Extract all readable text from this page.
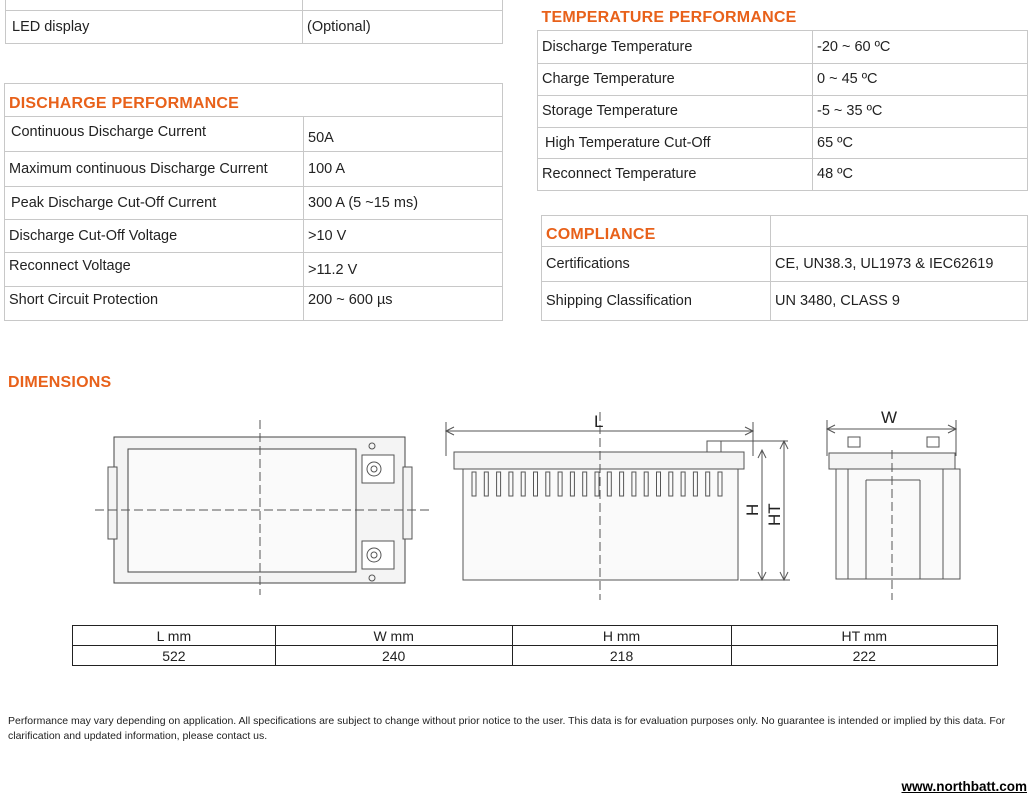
LED display	(Optional)
DISCHARGE PERFORMANCE	
Continuous Discharge Current	50A
Maximum continuous Discharge Current	100 A
Peak Discharge Cut-Off Current	300 A (5 ~15 ms)
Discharge Cut-Off Voltage	>10 V
Reconnect Voltage	>11.2 V
Short Circuit Protection	200 ~ 600 µs
TEMPERATURE PERFORMANCE	
Discharge Temperature	-20 ~ 60 ºC
Charge Temperature	0 ~ 45 ºC
Storage Temperature	-5 ~ 35 ºC
High Temperature Cut-Off	65 ºC
Reconnect Temperature	48 ºC
COMPLIANCE	
Certifications	CE, UN38.3, UL1973 & IEC62619
Shipping Classification	UN 3480, CLASS 9
DIMENSIONS
L	W
H HT
L mm	W mm	H mm	HT mm
522	240	218	222
Performance may vary depending on application. All specifications are subject to change without prior notice to the user. This data is for evaluation purposes only. No guarantee is intended or implied by this data. For clarification and updated information, please contact us.
www.northbatt.com
